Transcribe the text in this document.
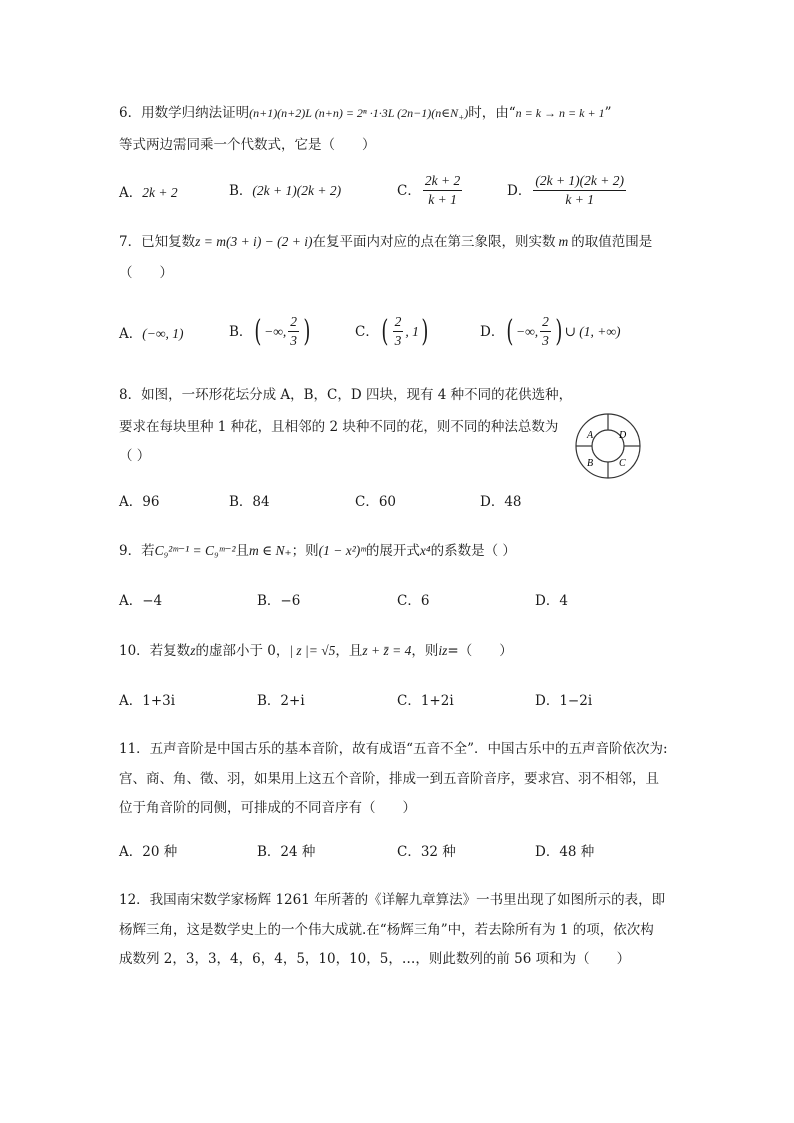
6．用数学归纳法证明(n+1)(n+2)L (n+n) = 2ⁿ ·1·3L $(2n-1)(n\in N_+)$时，由“n = k → n = k + 1”
等式两边需同乘一个代数式，它是（　　）
A．2k + 2	B．(2k + 1)(2k + 2)	C． $\frac{2k + 2}{k + 1}$	D． $\frac{(2k + 1)(2k + 2)}{k + 1}$
7．已知复数z = m(3 + i) − (2 + i)在复平面内对应的点在第三象限，则实数 m 的取值范围是
（　　）
A．(−∞, 1)	B． ( −∞, $\frac{2}{3}$ )	C． ( $\frac{2}{3}$ , 1 )	D． ( −∞, $\frac{2}{3}$ ) ∪ (1, +∞)
8．如图，一环形花坛分成 A，B，C，D 四块，现有 4 种不同的花供选种，
要求在每块里种 1 种花，且相邻的 2 块种不同的花，则不同的种法总数为
（ ）
A	D
B	C
A．96	B．84	C．60	D．48
9．若C₉²ᵐ⁻¹ = C₉ᵐ⁻²且m ∈ N₊；则(1 − x²)ᵐ的展开式x⁴的系数是（ ）
A．−4	B．−6	C．6	D．4
10．若复数z的虚部小于 0，| z |= √5，且z + z̄ = 4，则iz=（　　）
A．1+3i	B．2+i	C．1+2i	D．1−2i
11．五声音阶是中国古乐的基本音阶，故有成语“五音不全”．中国古乐中的五声音阶依次为:
宫、商、角、徵、羽，如果用上这五个音阶，排成一到五音阶音序，要求宫、羽不相邻，且
位于角音阶的同侧，可排成的不同音序有（　　）
A．20 种	B．24 种	C．32 种	D．48 种
12．我国南宋数学家杨辉 1261 年所著的《详解九章算法》一书里出现了如图所示的表，即
杨辉三角，这是数学史上的一个伟大成就.在“杨辉三角”中，若去除所有为 1 的项，依次构
成数列 2，3，3，4，6，4，5，10，10，5，…，则此数列的前 56 项和为（　　）
